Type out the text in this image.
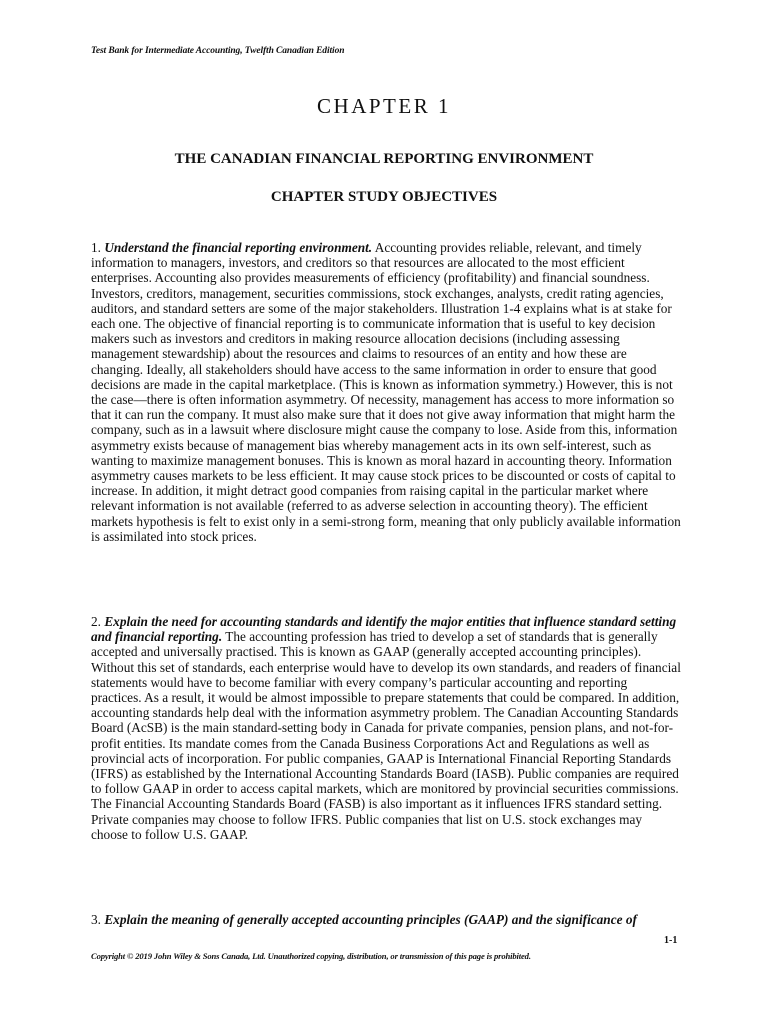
Test Bank for Intermediate Accounting, Twelfth Canadian Edition
CHAPTER 1
THE CANADIAN FINANCIAL REPORTING ENVIRONMENT
CHAPTER STUDY OBJECTIVES
1. Understand the financial reporting environment. Accounting provides reliable, relevant, and timely information to managers, investors, and creditors so that resources are allocated to the most efficient enterprises. Accounting also provides measurements of efficiency (profitability) and financial soundness. Investors, creditors, management, securities commissions, stock exchanges, analysts, credit rating agencies, auditors, and standard setters are some of the major stakeholders. Illustration 1-4 explains what is at stake for each one. The objective of financial reporting is to communicate information that is useful to key decision makers such as investors and creditors in making resource allocation decisions (including assessing management stewardship) about the resources and claims to resources of an entity and how these are changing. Ideally, all stakeholders should have access to the same information in order to ensure that good decisions are made in the capital marketplace. (This is known as information symmetry.) However, this is not the case—there is often information asymmetry. Of necessity, management has access to more information so that it can run the company. It must also make sure that it does not give away information that might harm the company, such as in a lawsuit where disclosure might cause the company to lose. Aside from this, information asymmetry exists because of management bias whereby management acts in its own self-interest, such as wanting to maximize management bonuses. This is known as moral hazard in accounting theory. Information asymmetry causes markets to be less efficient. It may cause stock prices to be discounted or costs of capital to increase. In addition, it might detract good companies from raising capital in the particular market where relevant information is not available (referred to as adverse selection in accounting theory). The efficient markets hypothesis is felt to exist only in a semi-strong form, meaning that only publicly available information is assimilated into stock prices.
2. Explain the need for accounting standards and identify the major entities that influence standard setting and financial reporting. The accounting profession has tried to develop a set of standards that is generally accepted and universally practised. This is known as GAAP (generally accepted accounting principles). Without this set of standards, each enterprise would have to develop its own standards, and readers of financial statements would have to become familiar with every company’s particular accounting and reporting practices. As a result, it would be almost impossible to prepare statements that could be compared. In addition, accounting standards help deal with the information asymmetry problem. The Canadian Accounting Standards Board (AcSB) is the main standard-setting body in Canada for private companies, pension plans, and not-for-profit entities. Its mandate comes from the Canada Business Corporations Act and Regulations as well as provincial acts of incorporation. For public companies, GAAP is International Financial Reporting Standards (IFRS) as established by the International Accounting Standards Board (IASB). Public companies are required to follow GAAP in order to access capital markets, which are monitored by provincial securities commissions. The Financial Accounting Standards Board (FASB) is also important as it influences IFRS standard setting. Private companies may choose to follow IFRS. Public companies that list on U.S. stock exchanges may choose to follow U.S. GAAP.
3. Explain the meaning of generally accepted accounting principles (GAAP) and the significance of
1-1
Copyright © 2019 John Wiley & Sons Canada, Ltd. Unauthorized copying, distribution, or transmission of this page is prohibited.
